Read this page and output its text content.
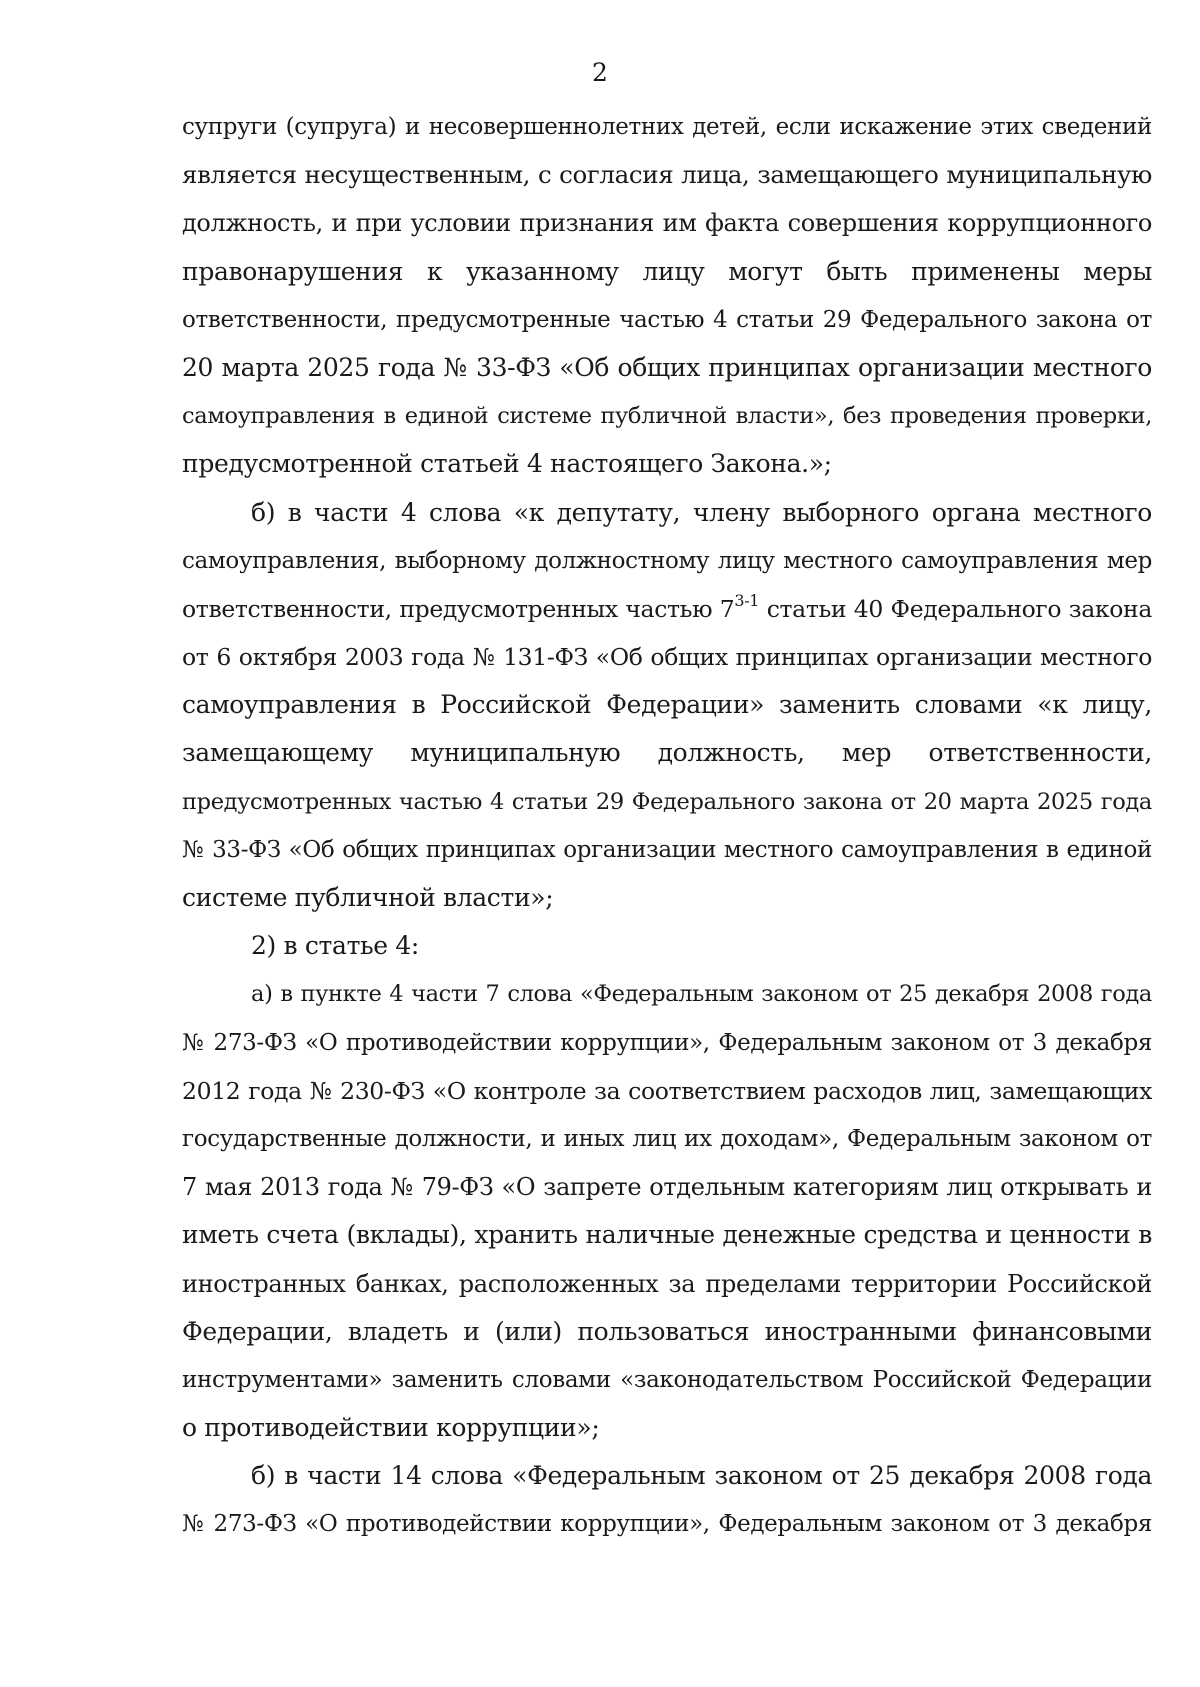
2
супруги (супруга) и несовершеннолетних детей, если искажение этих сведений
является несущественным, с согласия лица, замещающего муниципальную
должность, и при условии признания им факта совершения коррупционного
правонарушения к указанному лицу могут быть применены меры
ответственности, предусмотренные частью 4 статьи 29 Федерального закона от
20 марта 2025 года № 33-ФЗ «Об общих принципах организации местного
самоуправления в единой системе публичной власти», без проведения проверки,
предусмотренной статьей 4 настоящего Закона.»;
б) в части 4 слова «к депутату, члену выборного органа местного
самоуправления, выборному должностному лицу местного самоуправления мер
ответственности, предусмотренных частью 7$^{3-1}$ статьи 40 Федерального закона
от 6 октября 2003 года № 131-ФЗ «Об общих принципах организации местного
самоуправления в Российской Федерации» заменить словами «к лицу,
замещающему муниципальную должность, мер ответственности,
предусмотренных частью 4 статьи 29 Федерального закона от 20 марта 2025 года
№ 33-ФЗ «Об общих принципах организации местного самоуправления в единой
системе публичной власти»;
2) в статье 4:
а) в пункте 4 части 7 слова «Федеральным законом от 25 декабря 2008 года
№ 273-ФЗ «О противодействии коррупции», Федеральным законом от 3 декабря
2012 года № 230-ФЗ «О контроле за соответствием расходов лиц, замещающих
государственные должности, и иных лиц их доходам», Федеральным законом от
7 мая 2013 года № 79-ФЗ «О запрете отдельным категориям лиц открывать и
иметь счета (вклады), хранить наличные денежные средства и ценности в
иностранных банках, расположенных за пределами территории Российской
Федерации, владеть и (или) пользоваться иностранными финансовыми
инструментами» заменить словами «законодательством Российской Федерации
о противодействии коррупции»;
б) в части 14 слова «Федеральным законом от 25 декабря 2008 года
№ 273-ФЗ «О противодействии коррупции», Федеральным законом от 3 декабря
